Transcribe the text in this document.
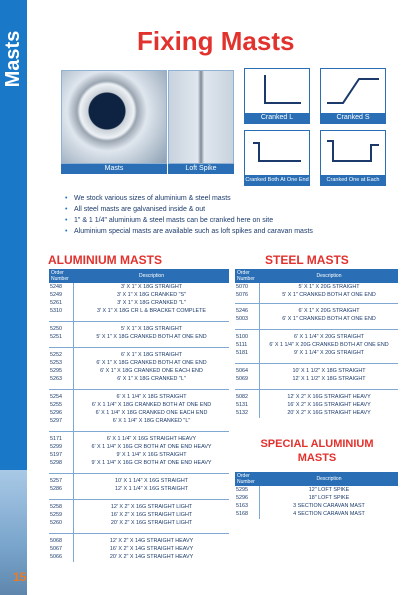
Masts
15
Fixing Masts
Masts	Loft Spike
Cranked L	Cranked S
Cranked Both At One End	Cranked One at Each End
• We stock various sizes of aluminium & steel masts
• All steel masts are galvanised inside & out
• 1" & 1 1/4" aluminium & steel masts can be cranked here on site
• Aluminium special masts are available such as loft spikes and caravan masts
ALUMINIUM MASTS	STEEL MASTS
SPECIAL ALUMINIUM
MASTS
Order Number	Description	Order Number	Description
Order Number	Description
5248	3' X 1" X 18G STRAIGHT
5249	3' X 1" X 18G CRANKED "S"
5261	3' X 1" X 18G CRANKED "L"
5310	3' X 1" X 18G CR L & BRACKET COMPLETE
5250	5' X 1" X 18G STRAIGHT
5251	5' X 1" X 18G CRANKED BOTH AT ONE END
5252	6' X 1" X 18G STRAIGHT
5253	6' X 1" X 18G CRANKED BOTH AT ONE END
5295	6' X 1" X 18G CRANKED ONE EACH END
5263	6' X 1" X 18G CRANKED "L"
5254	6' X 1 1/4" X 18G STRAIGHT
5255	6' X 1 1/4" X 18G CRANKED BOTH AT ONE END
5296	6' X 1 1/4" X 18G CRANKED ONE EACH END
5297	6' X 1 1/4" X 18G CRANKED "L"
5171	6' X 1 1/4" X 16G STRAIGHT HEAVY
5299	6' X 1 1/4" X 16G CR BOTH AT ONE END HEAVY
5197	9' X 1 1/4" X 16G STRAIGHT
5298	9' X 1 1/4" X 16G CR BOTH AT ONE END HEAVY
5257	10' X 1 1/4" X 16G STRAIGHT
5286	12' X 1 1/4" X 16G STRAIGHT
5258	12' X 2" X 16G STRAIGHT LIGHT
5259	16' X 2" X 16G STRAIGHT LIGHT
5260	20' X 2" X 16G STRAIGHT LIGHT
5068	12' X 2" X 14G STRAIGHT HEAVY
5067	16' X 2" X 14G STRAIGHT HEAVY
5066	20' X 2" X 14G STRAIGHT HEAVY
5070	5' X 1" X 20G STRAIGHT
5076	5' X 1" CRANKED BOTH AT ONE END
5246	6' X 1" X 20G STRAIGHT
5003	6' X 1" CRANKED BOTH AT ONE END
5100	6' X 1 1/4" X 20G STRAIGHT
5111	6' X 1 1/4" X 20G CRANKED BOTH AT ONE END
5181	9' X 1 1/4" X 20G STRAIGHT
5064	10' X 1 1/2" X 18G STRAIGHT
5069	12' X 1 1/2" X 18G STRAIGHT
5082	12' X 2" X 16G STRAIGHT HEAVY
5131	16' X 2" X 16G STRAIGHT HEAVY
5132	20' X 2" X 16G STRAIGHT HEAVY
5295	12" LOFT SPIKE
5296	18" LOFT SPIKE
5163	3 SECTION CARAVAN MAST
5168	4 SECTION CARAVAN MAST
